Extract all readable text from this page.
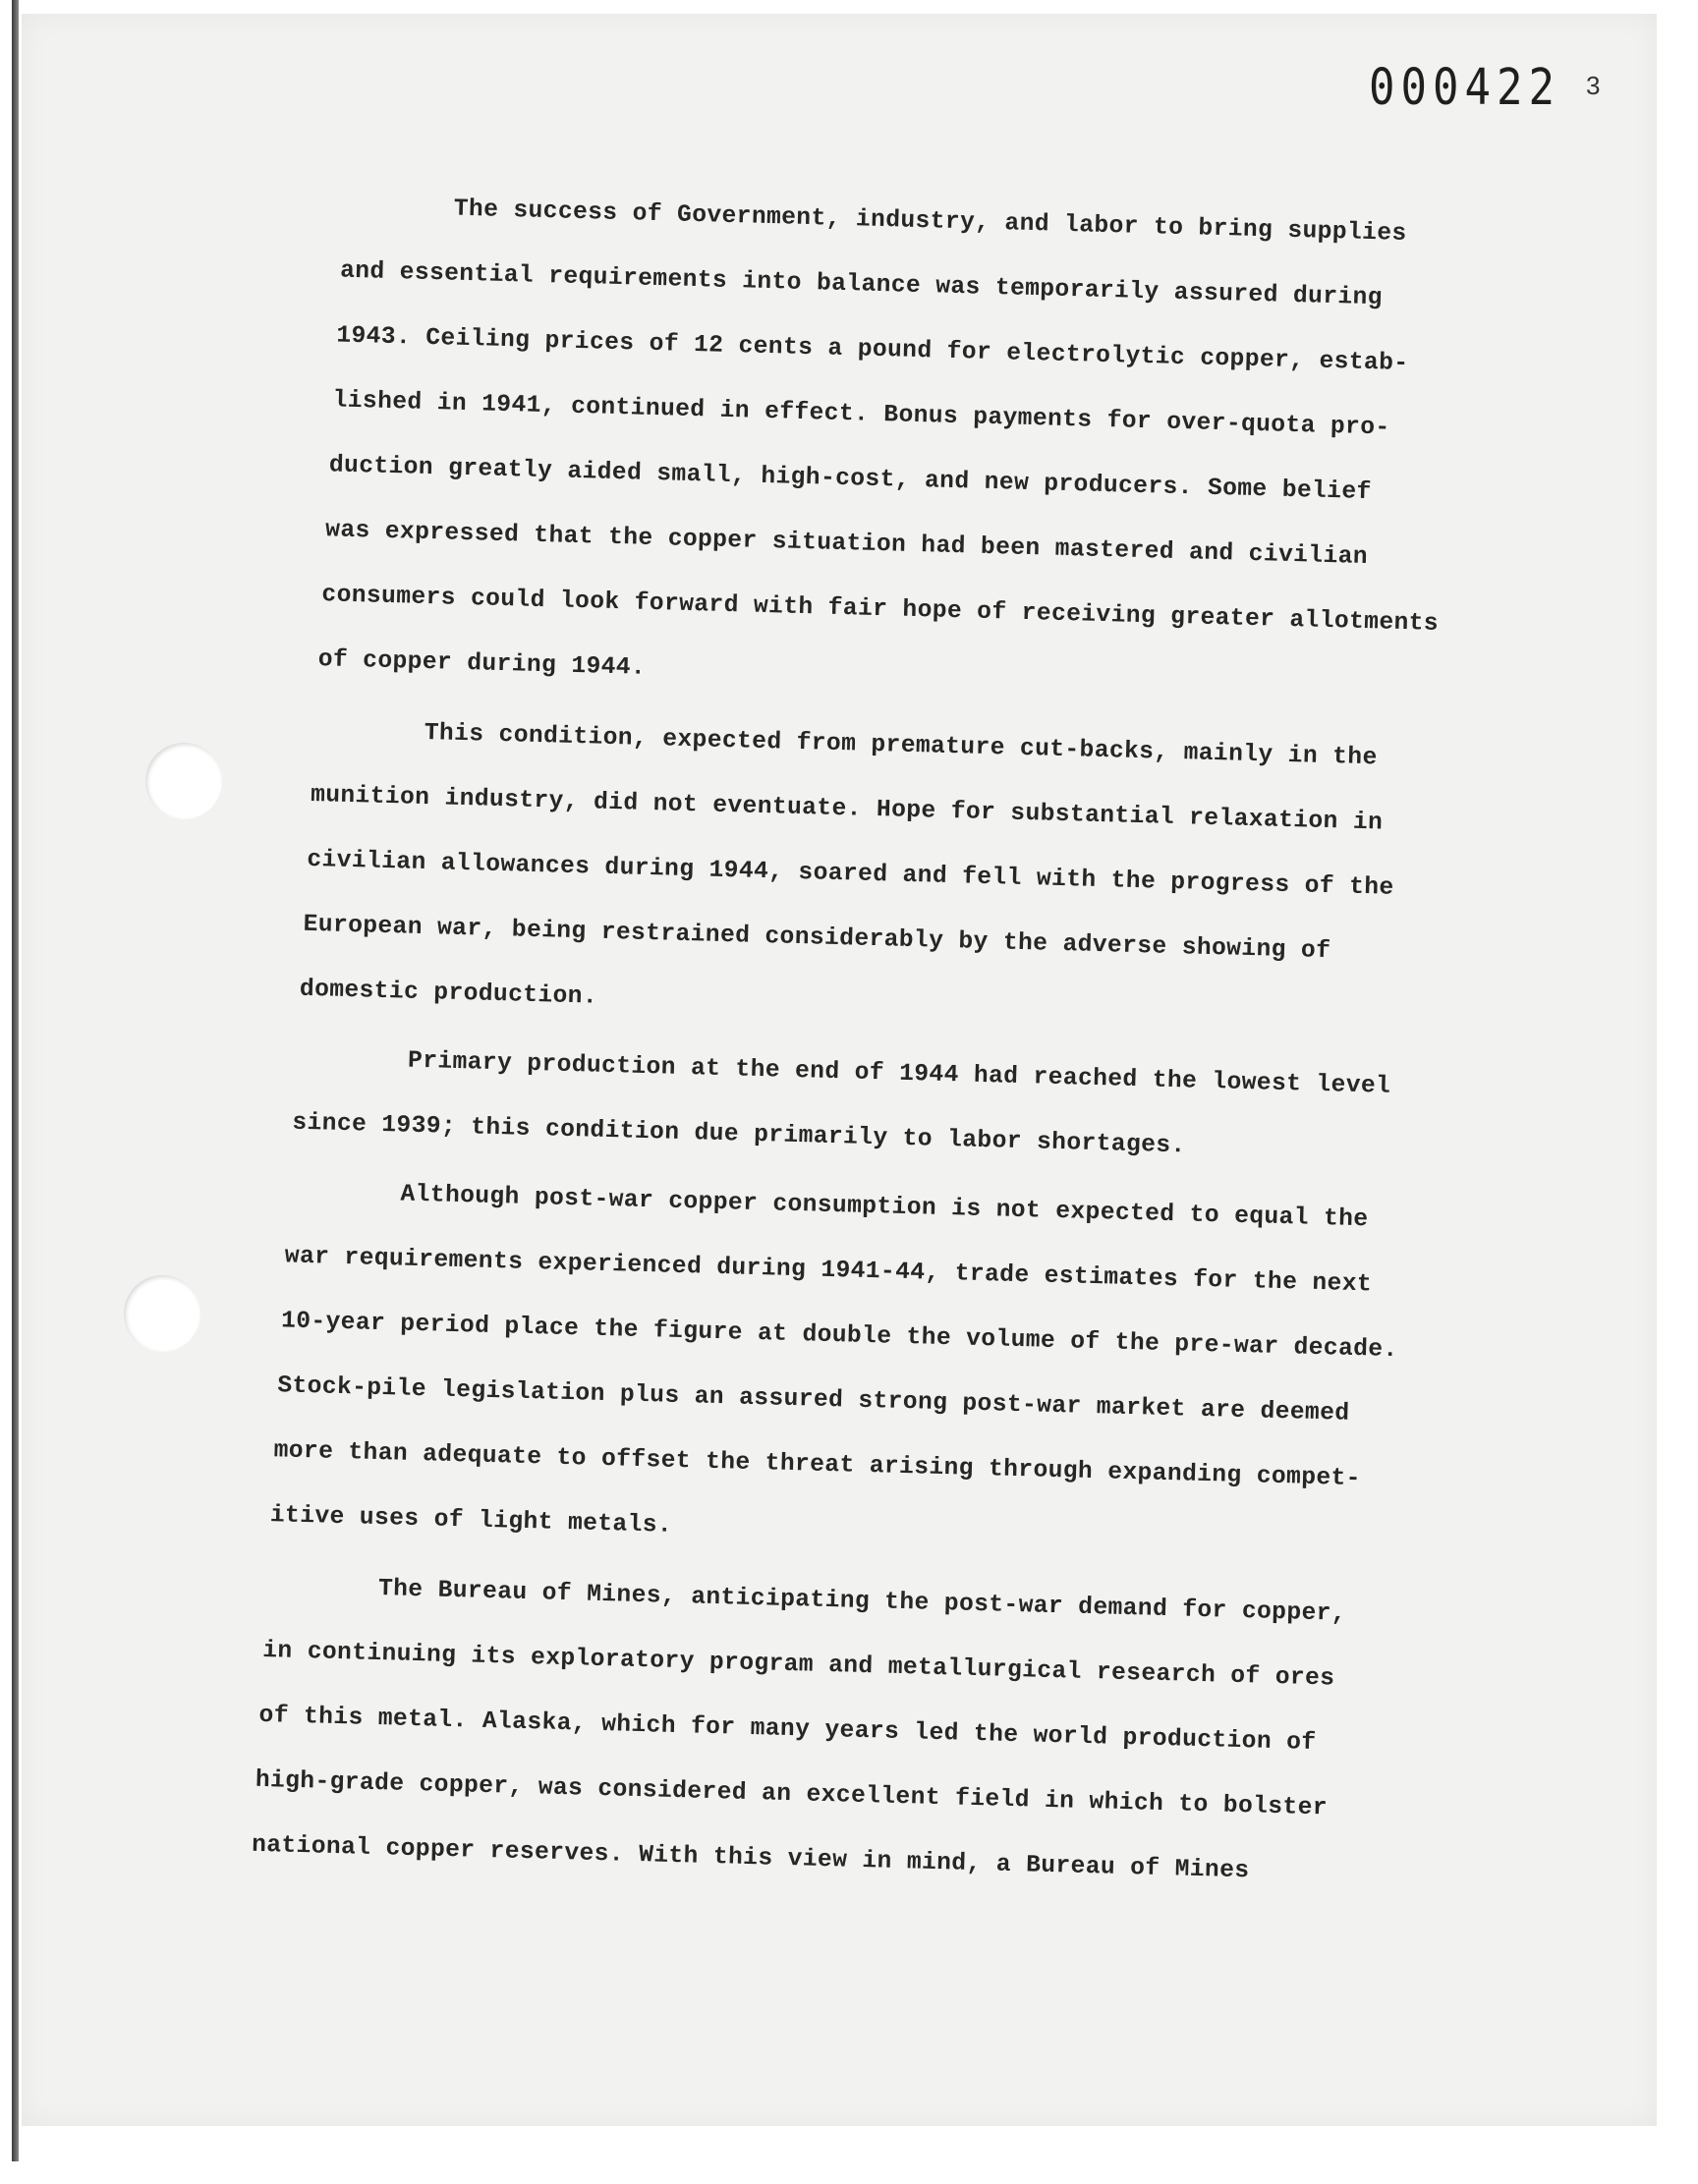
000422 3
The success of Government, industry, and labor to bring supplies
and essential requirements into balance was temporarily assured during
1943. Ceiling prices of 12 cents a pound for electrolytic copper, estab-
lished in 1941, continued in effect. Bonus payments for over-quota pro-
duction greatly aided small, high-cost, and new producers. Some belief
was expressed that the copper situation had been mastered and civilian
consumers could look forward with fair hope of receiving greater allotments
of copper during 1944.
This condition, expected from premature cut-backs, mainly in the
munition industry, did not eventuate. Hope for substantial relaxation in
civilian allowances during 1944, soared and fell with the progress of the
European war, being restrained considerably by the adverse showing of
domestic production.
Primary production at the end of 1944 had reached the lowest level
since 1939; this condition due primarily to labor shortages.
Although post-war copper consumption is not expected to equal the
war requirements experienced during 1941-44, trade estimates for the next
10-year period place the figure at double the volume of the pre-war decade.
Stock-pile legislation plus an assured strong post-war market are deemed
more than adequate to offset the threat arising through expanding compet-
itive uses of light metals.
The Bureau of Mines, anticipating the post-war demand for copper,
in continuing its exploratory program and metallurgical research of ores
of this metal. Alaska, which for many years led the world production of
high-grade copper, was considered an excellent field in which to bolster
national copper reserves. With this view in mind, a Bureau of Mines
